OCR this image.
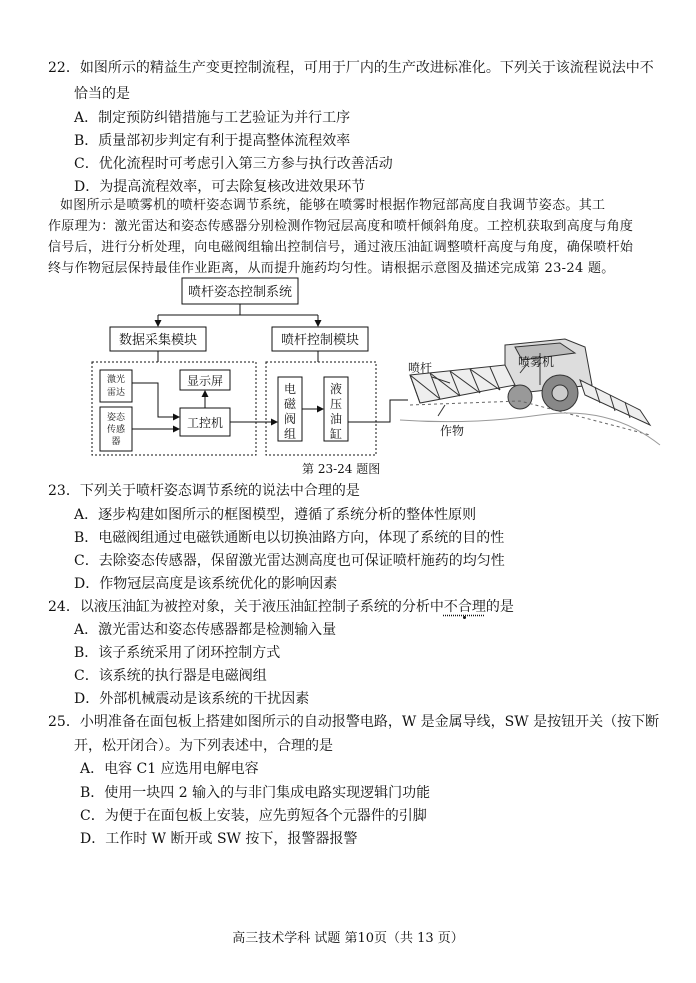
22．如图所示的精益生产变更控制流程，可用于厂内的生产改进标准化。下列关于该流程说法中不
恰当的是
A．制定预防纠错措施与工艺验证为并行工序
B．质量部初步判定有利于提高整体流程效率
C．优化流程时可考虑引入第三方参与执行改善活动
D．为提高流程效率，可去除复核改进效果环节
如图所示是喷雾机的喷杆姿态调节系统，能够在喷雾时根据作物冠部高度自我调节姿态。其工
作原理为：激光雷达和姿态传感器分别检测作物冠层高度和喷杆倾斜角度。工控机获取到高度与角度
信号后，进行分析处理，向电磁阀组输出控制信号，通过液压油缸调整喷杆高度与角度，确保喷杆始
终与作物冠层保持最佳作业距离，从而提升施药均匀性。请根据示意图及描述完成第 23-24 题。
喷杆姿态控制系统
数据采集模块	喷杆控制模块
显示屏
工控机
激光
雷达
姿态
传感
器
电
磁
阀
组
液
压
油
缸
喷杆	喷雾机
作物
第 23-24 题图
23．下列关于喷杆姿态调节系统的说法中合理的是
A．逐步构建如图所示的框图模型，遵循了系统分析的整体性原则
B．电磁阀组通过电磁铁通断电以切换油路方向，体现了系统的目的性
C．去除姿态传感器，保留激光雷达测高度也可保证喷杆施药的均匀性
D．作物冠层高度是该系统优化的影响因素
24．以液压油缸为被控对象，关于液压油缸控制子系统的分析中不合理的是
A．激光雷达和姿态传感器都是检测输入量
B．该子系统采用了闭环控制方式
C．该系统的执行器是电磁阀组
D．外部机械震动是该系统的干扰因素
25．小明准备在面包板上搭建如图所示的自动报警电路，W 是金属导线，SW 是按钮开关（按下断
开，松开闭合）。为下列表述中，合理的是
A．电容 C1 应选用电解电容
B．使用一块四 2 输入的与非门集成电路实现逻辑门功能
C．为便于在面包板上安装，应先剪短各个元器件的引脚
D．工作时 W 断开或 SW 按下，报警器报警
高三技术学科 试题 第10页（共 13 页）
